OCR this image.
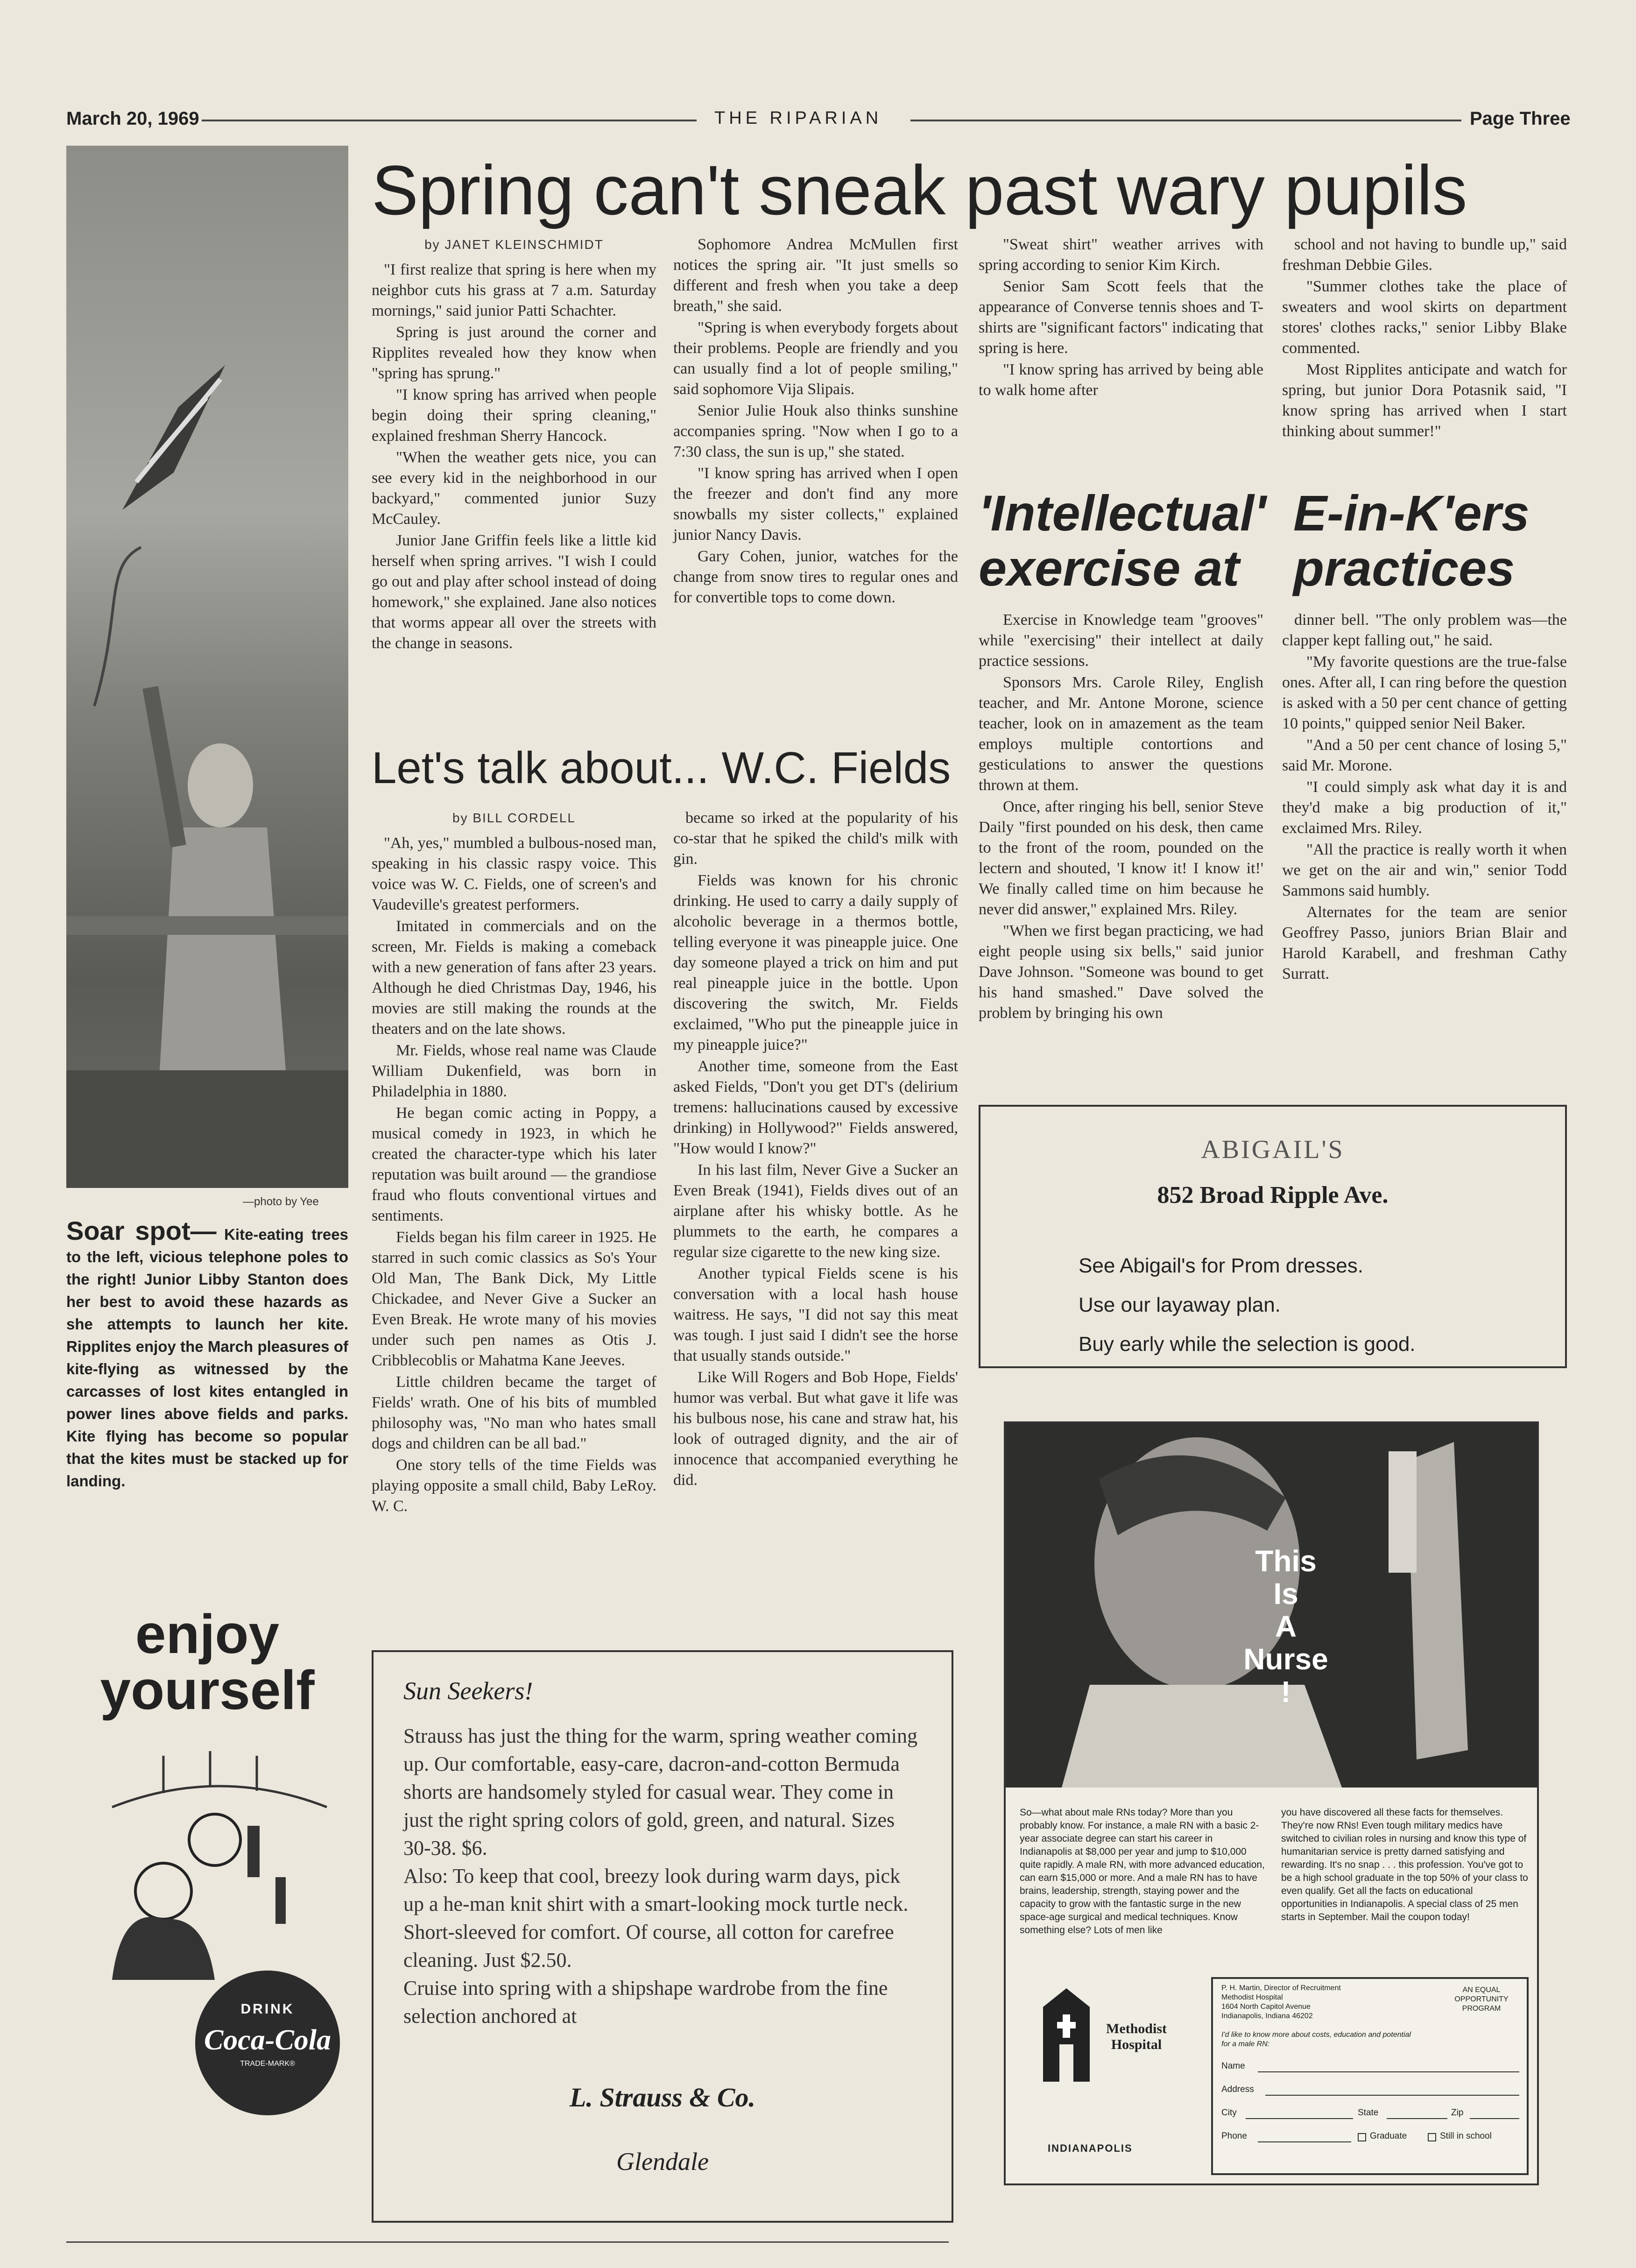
March 20, 1969	THE RIPARIAN	Page Three
—photo by Yee
Soar spot— Kite-eating trees to the left, vicious telephone poles to the right! Junior Libby Stanton does her best to avoid these hazards as she attempts to launch her kite. Ripplites enjoy the March pleasures of kite-flying as witnessed by the carcasses of lost kites entangled in power lines above fields and parks. Kite flying has become so popular that the kites must be stacked up for landing.
Spring can't sneak past wary pupils
by JANET KLEINSCHMIDT

"I first realize that spring is here when my neighbor cuts his grass at 7 a.m. Saturday mornings," said junior Patti Schachter.

Spring is just around the corner and Ripplites revealed how they know when "spring has sprung."

"I know spring has arrived when people begin doing their spring cleaning," explained freshman Sherry Hancock.

"When the weather gets nice, you can see every kid in the neighborhood in our backyard," commented junior Suzy McCauley.

Junior Jane Griffin feels like a little kid herself when spring arrives. "I wish I could go out and play after school instead of doing homework," she explained. Jane also notices that worms appear all over the streets with the change in seasons.

Sophomore Andrea McMullen first notices the spring air. "It just smells so different and fresh when you take a deep breath," she said.

"Spring is when everybody forgets about their problems. People are friendly and you can usually find a lot of people smiling," said sophomore Vija Slipais.

Senior Julie Houk also thinks sunshine accompanies spring. "Now when I go to a 7:30 class, the sun is up," she stated.

"I know spring has arrived when I open the freezer and don't find any more snowballs my sister collects," explained junior Nancy Davis.

Gary Cohen, junior, watches for the change from snow tires to regular ones and for convertible tops to come down.

"Sweat shirt" weather arrives with spring according to senior Kim Kirch.

Senior Sam Scott feels that the appearance of Converse tennis shoes and T-shirts are "significant factors" indicating that spring is here.

"I know spring has arrived by being able to walk home after

school and not having to bundle up," said freshman Debbie Giles.

"Summer clothes take the place of sweaters and wool skirts on department stores' clothes racks," senior Libby Blake commented.

Most Ripplites anticipate and watch for spring, but junior Dora Potasnik said, "I know spring has arrived when I start thinking about summer!"

'Intellectual' exercise at
E-in-K'ers practices

Exercise in Knowledge team "grooves" while "exercising" their intellect at daily practice sessions.

Sponsors Mrs. Carole Riley, English teacher, and Mr. Antone Morone, science teacher, look on in amazement as the team employs multiple contortions and gesticulations to answer the questions thrown at them.

Once, after ringing his bell, senior Steve Daily "first pounded on his desk, then came to the front of the room, pounded on the lectern and shouted, 'I know it! I know it!' We finally called time on him because he never did answer," explained Mrs. Riley.

"When we first began practicing, we had eight people using six bells," said junior Dave Johnson. "Someone was bound to get his hand smashed." Dave solved the problem by bringing his own

dinner bell. "The only problem was—the clapper kept falling out," he said.

"My favorite questions are the true-false ones. After all, I can ring before the question is asked with a 50 per cent chance of getting 10 points," quipped senior Neil Baker.

"And a 50 per cent chance of losing 5," said Mr. Morone.

"I could simply ask what day it is and they'd make a big production of it," exclaimed Mrs. Riley.

"All the practice is really worth it when we get on the air and win," senior Todd Sammons said humbly.

Alternates for the team are senior Geoffrey Passo, juniors Brian Blair and Harold Karabell, and freshman Cathy Surratt.

Let's talk about... W.C. Fields
by BILL CORDELL

"Ah, yes," mumbled a bulbous-nosed man, speaking in his classic raspy voice. This voice was W. C. Fields, one of screen's and Vaudeville's greatest performers.

Imitated in commercials and on the screen, Mr. Fields is making a comeback with a new generation of fans after 23 years. Although he died Christmas Day, 1946, his movies are still making the rounds at the theaters and on the late shows.

Mr. Fields, whose real name was Claude William Dukenfield, was born in Philadelphia in 1880.

He began comic acting in Poppy, a musical comedy in 1923, in which he created the character-type which his later reputation was built around — the grandiose fraud who flouts conventional virtues and sentiments.

Fields began his film career in 1925. He starred in such comic classics as So's Your Old Man, The Bank Dick, My Little Chickadee, and Never Give a Sucker an Even Break. He wrote many of his movies under such pen names as Otis J. Cribblecoblis or Mahatma Kane Jeeves.

Little children became the target of Fields' wrath. One of his bits of mumbled philosophy was, "No man who hates small dogs and children can be all bad."

One story tells of the time Fields was playing opposite a small child, Baby LeRoy. W. C.

became so irked at the popularity of his co-star that he spiked the child's milk with gin.

Fields was known for his chronic drinking. He used to carry a daily supply of alcoholic beverage in a thermos bottle, telling everyone it was pineapple juice. One day someone played a trick on him and put real pineapple juice in the bottle. Upon discovering the switch, Mr. Fields exclaimed, "Who put the pineapple juice in my pineapple juice?"

Another time, someone from the East asked Fields, "Don't you get DT's (delirium tremens: hallucinations caused by excessive drinking) in Hollywood?" Fields answered, "How would I know?"

In his last film, Never Give a Sucker an Even Break (1941), Fields dives out of an airplane after his whisky bottle. As he plummets to the earth, he compares a regular size cigarette to the new king size.

Another typical Fields scene is his conversation with a local hash house waitress. He says, "I did not say this meat was tough. I just said I didn't see the horse that usually stands outside."

Like Will Rogers and Bob Hope, Fields' humor was verbal. But what gave it life was his bulbous nose, his cane and straw hat, his look of outraged dignity, and the air of innocence that accompanied everything he did.

ABIGAIL'S
852 Broad Ripple Ave.
See Abigail's for Prom dresses.
Use our layaway plan.
Buy early while the selection is good.
enjoy
yourself
DRINK
Coca-Cola
TRADE-MARK®
Sun Seekers!
Strauss has just the thing for the warm, spring weather coming up. Our comfortable, easy-care, dacron-and-cotton Bermuda shorts are handsomely styled for casual wear. They come in just the right spring colors of gold, green, and natural. Sizes 30-38. $6.
Also: To keep that cool, breezy look during warm days, pick up a he-man knit shirt with a smart-looking mock turtle neck. Short-sleeved for comfort. Of course, all cotton for carefree cleaning. Just $2.50.
Cruise into spring with a shipshape wardrobe from the fine selection anchored at
L. Strauss & Co.
Glendale
This
Is
A
Nurse
!
So—what about male RNs today? More than you probably know. For instance, a male RN with a basic 2-year associate degree can start his career in Indianapolis at $8,000 per year and jump to $10,000 quite rapidly. A male RN, with more advanced education, can earn $15,000 or more. And a male RN has to have brains, leadership, strength, staying power and the capacity to grow with the fantastic surge in the new space-age surgical and medical techniques. Know something else? Lots of men like
you have discovered all these facts for themselves. They're now RNs! Even tough military medics have switched to civilian roles in nursing and know this type of humanitarian service is pretty darned satisfying and rewarding. It's no snap . . . this profession. You've got to be a high school graduate in the top 50% of your class to even qualify. Get all the facts on educational opportunities in Indianapolis. A special class of 25 men starts in September. Mail the coupon today!
Methodist Hospital
INDIANAPOLIS
P. H. Martin, Director of Recruitment
Methodist Hospital
1604 North Capitol Avenue
Indianapolis, Indiana 46202
AN EQUAL OPPORTUNITY PROGRAM
I'd like to know more about costs, education and potential for a male RN:
Name
Address
City	State	Zip
Phone	Graduate	Still in school
